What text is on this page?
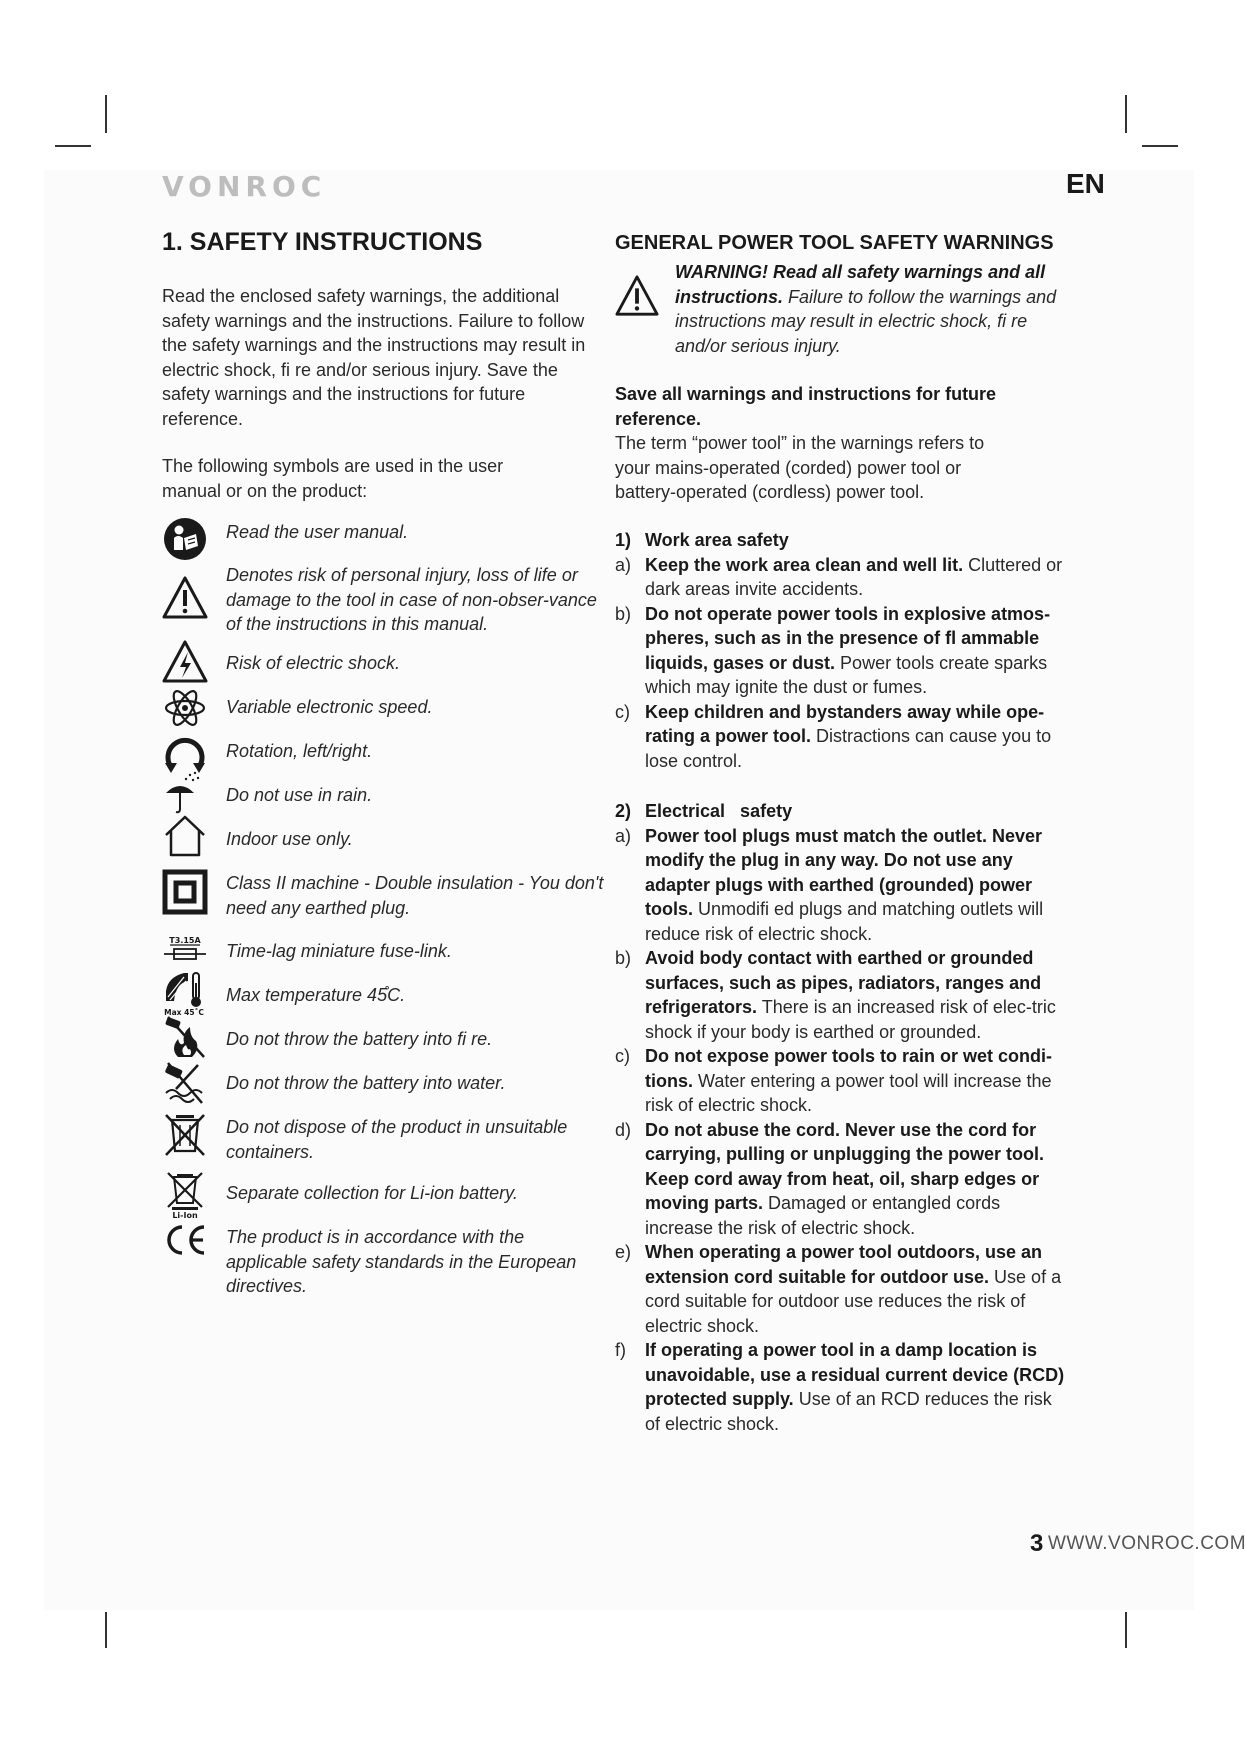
VONROC	EN
1. SAFETY INSTRUCTIONS

Read the enclosed safety warnings, the additional safety warnings and the instructions. Failure to follow the safety warnings and the instructions may result in electric shock, fi re and/or serious injury. Save the safety warnings and the instructions for future reference.

The following symbols are used in the user manual or on the product:

Read the user manual.
Denotes risk of personal injury, loss of life or damage to the tool in case of non-obser-vance of the instructions in this manual.
Risk of electric shock.
Variable electronic speed.
Rotation, left/right.
Do not use in rain.
Indoor use only.
Class II machine - Double insulation - You don't need any earthed plug.
T3.15A
Time-lag miniature fuse-link.
Max 45˚C
Max temperature 45̊C.
Do not throw the battery into fi re.
Do not throw the battery into water.
Do not dispose of the product in unsuitable containers.
Li-Ion
Separate collection for Li-ion battery.
The product is in accordance with the applicable safety standards in the European directives.
GENERAL POWER TOOL SAFETY WARNINGS
WARNING! Read all safety warnings and all instructions. Failure to follow the warnings and instructions may result in electric shock, fi re and/or serious injury.
Save all warnings and instructions for future reference.
The term “power tool” in the warnings refers to your mains-operated (corded) power tool or battery-operated (cordless) power tool.
1) Work area safety
a) Keep the work area clean and well lit. Cluttered or dark areas invite accidents.
b) Do not operate power tools in explosive atmos-pheres, such as in the presence of fl ammable liquids, gases or dust. Power tools create sparks which may ignite the dust or fumes.
c) Keep children and bystanders away while ope-rating a power tool. Distractions can cause you to lose control.
2) Electrical   safety
a) Power tool plugs must match the outlet. Never modify the plug in any way. Do not use any adapter plugs with earthed (grounded) power tools. Unmodifi ed plugs and matching outlets will reduce risk of electric shock.
b) Avoid body contact with earthed or grounded surfaces, such as pipes, radiators, ranges and refrigerators. There is an increased risk of elec-tric shock if your body is earthed or grounded.
c) Do not expose power tools to rain or wet condi-tions. Water entering a power tool will increase the risk of electric shock.
d) Do not abuse the cord. Never use the cord for carrying, pulling or unplugging the power tool. Keep cord away from heat, oil, sharp edges or moving parts. Damaged or entangled cords increase the risk of electric shock.
e) When operating a power tool outdoors, use an extension cord suitable for outdoor use. Use of a cord suitable for outdoor use reduces the risk of electric shock.
f) If operating a power tool in a damp location is unavoidable, use a residual current device (RCD) protected supply. Use of an RCD reduces the risk of electric shock.
3 WWW.VONROC.COM
